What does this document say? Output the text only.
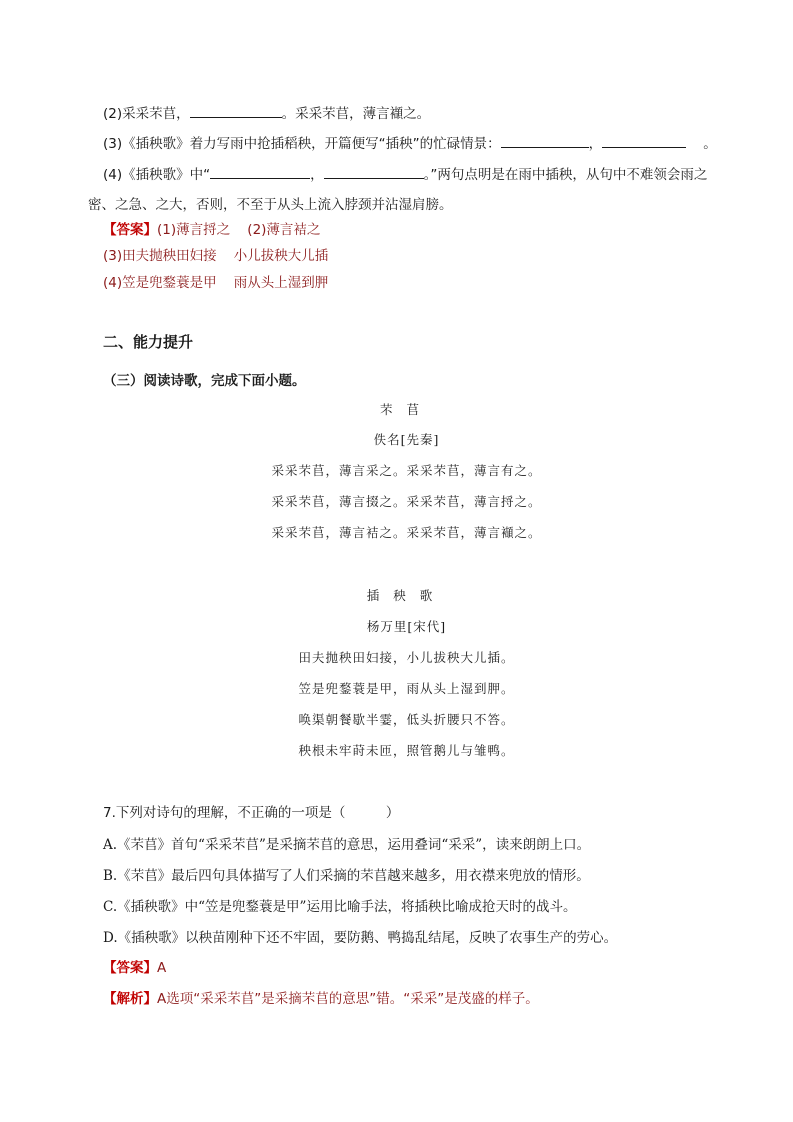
(2)采采芣苢，	。采采芣苢，薄言襭之。
(3)《插秧歌》着力写雨中抢插稻秧，开篇便写“插秧”的忙碌情景：	，	。
(4)《插秧歌》中“	，	。”两句点明是在雨中插秧，从句中不难领会雨之
密、之急、之大，否则，不至于从头上流入脖颈并沾湿肩膀。
【答案】(1)薄言捋之 (2)薄言袺之
(3)田夫抛秧田妇接 小儿拔秧大儿插
(4)笠是兜鍪蓑是甲 雨从头上湿到胛
二、能力提升
（三）阅读诗歌，完成下面小题。
芣苢
佚名[先秦]
采采芣苢，薄言采之。采采芣苢，薄言有之。
采采芣苢，薄言掇之。采采芣苢，薄言捋之。
采采芣苢，薄言袺之。采采芣苢，薄言襭之。
插秧歌
杨万里[宋代]
田夫抛秧田妇接，小儿拔秧大儿插。
笠是兜鍪蓑是甲，雨从头上湿到胛。
唤渠朝餐歇半霎，低头折腰只不答。
秧根未牢莳未匝，照管鹅儿与雏鸭。
7.下列对诗句的理解，不正确的一项是（　　　）
A.《芣苢》首句“采采芣苢”是采摘芣苢的意思，运用叠词“采采”，读来朗朗上口。
B.《芣苢》最后四句具体描写了人们采摘的芣苢越来越多，用衣襟来兜放的情形。
C.《插秧歌》中“笠是兜鍪蓑是甲”运用比喻手法，将插秧比喻成抢天时的战斗。
D.《插秧歌》以秧苗刚种下还不牢固，要防鹅、鸭捣乱结尾，反映了农事生产的劳心。
【答案】A
【解析】A选项“采采芣苢”是采摘芣苢的意思”错。“采采”是茂盛的样子。
